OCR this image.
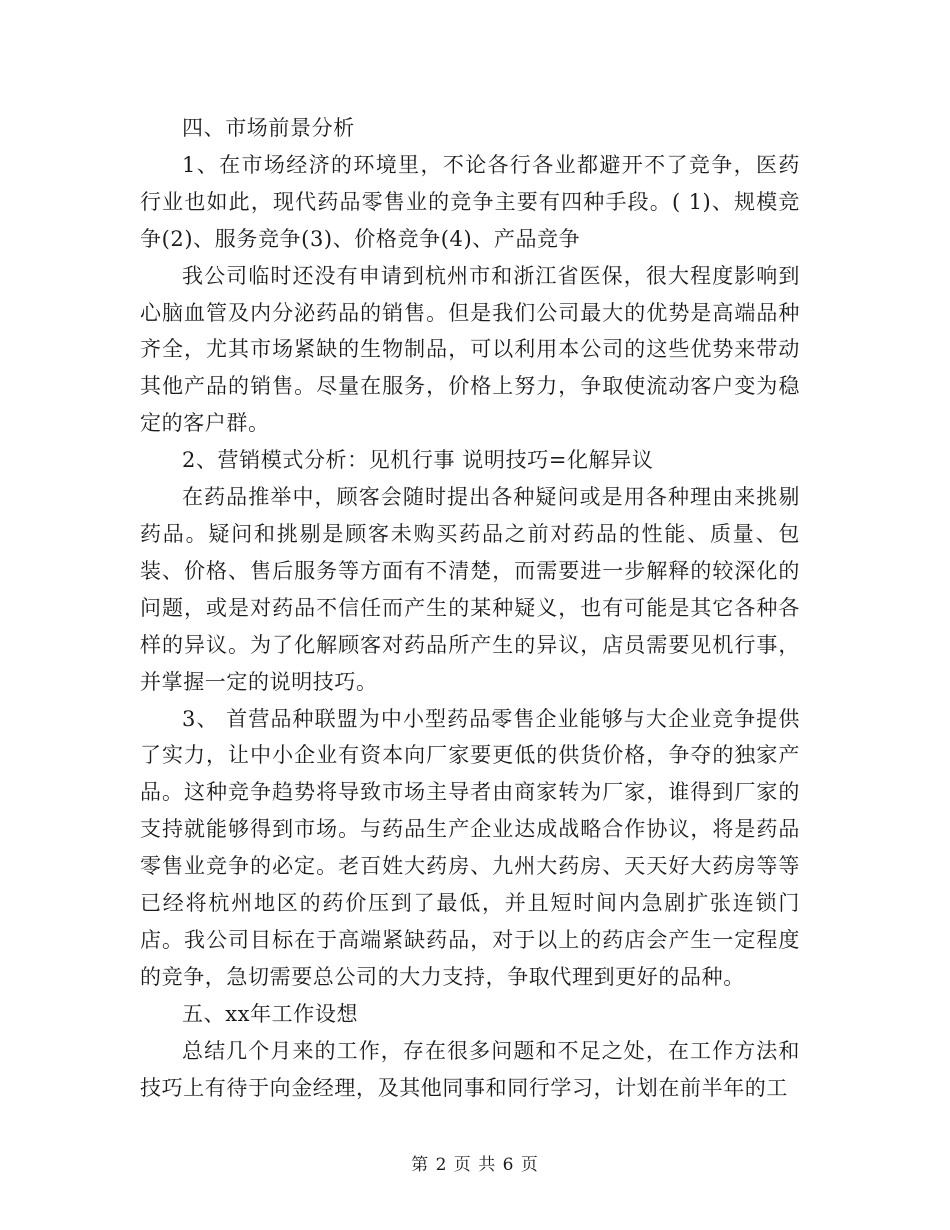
四、市场前景分析

1、在市场经济的环境里，不论各行各业都避开不了竞争，医药行业也如此，现代药品零售业的竞争主要有四种手段。( 1)、规模竞争(2)、服务竞争(3)、价格竞争(4)、产品竞争

我公司临时还没有申请到杭州市和浙江省医保，很大程度影响到心脑血管及内分泌药品的销售。但是我们公司最大的优势是高端品种齐全，尤其市场紧缺的生物制品，可以利用本公司的这些优势来带动其他产品的销售。尽量在服务，价格上努力，争取使流动客户变为稳定的客户群。

2、营销模式分析：见机行事 说明技巧=化解异议

在药品推举中，顾客会随时提出各种疑问或是用各种理由来挑剔药品。疑问和挑剔是顾客未购买药品之前对药品的性能、质量、包装、价格、售后服务等方面有不清楚，而需要进一步解释的较深化的问题，或是对药品不信任而产生的某种疑义，也有可能是其它各种各样的异议。为了化解顾客对药品所产生的异议，店员需要见机行事，并掌握一定的说明技巧。

3、 首营品种联盟为中小型药品零售企业能够与大企业竞争提供了实力，让中小企业有资本向厂家要更低的供货价格，争夺的独家产品。这种竞争趋势将导致市场主导者由商家转为厂家，谁得到厂家的支持就能够得到市场。与药品生产企业达成战略合作协议，将是药品零售业竞争的必定。老百姓大药房、九州大药房、天天好大药房等等已经将杭州地区的药价压到了最低，并且短时间内急剧扩张连锁门店。我公司目标在于高端紧缺药品，对于以上的药店会产生一定程度的竞争，急切需要总公司的大力支持，争取代理到更好的品种。

五、xx年工作设想

总结几个月来的工作，存在很多问题和不足之处，在工作方法和技巧上有待于向金经理，及其他同事和同行学习，计划在前半年的工

第 2 页 共 6 页
